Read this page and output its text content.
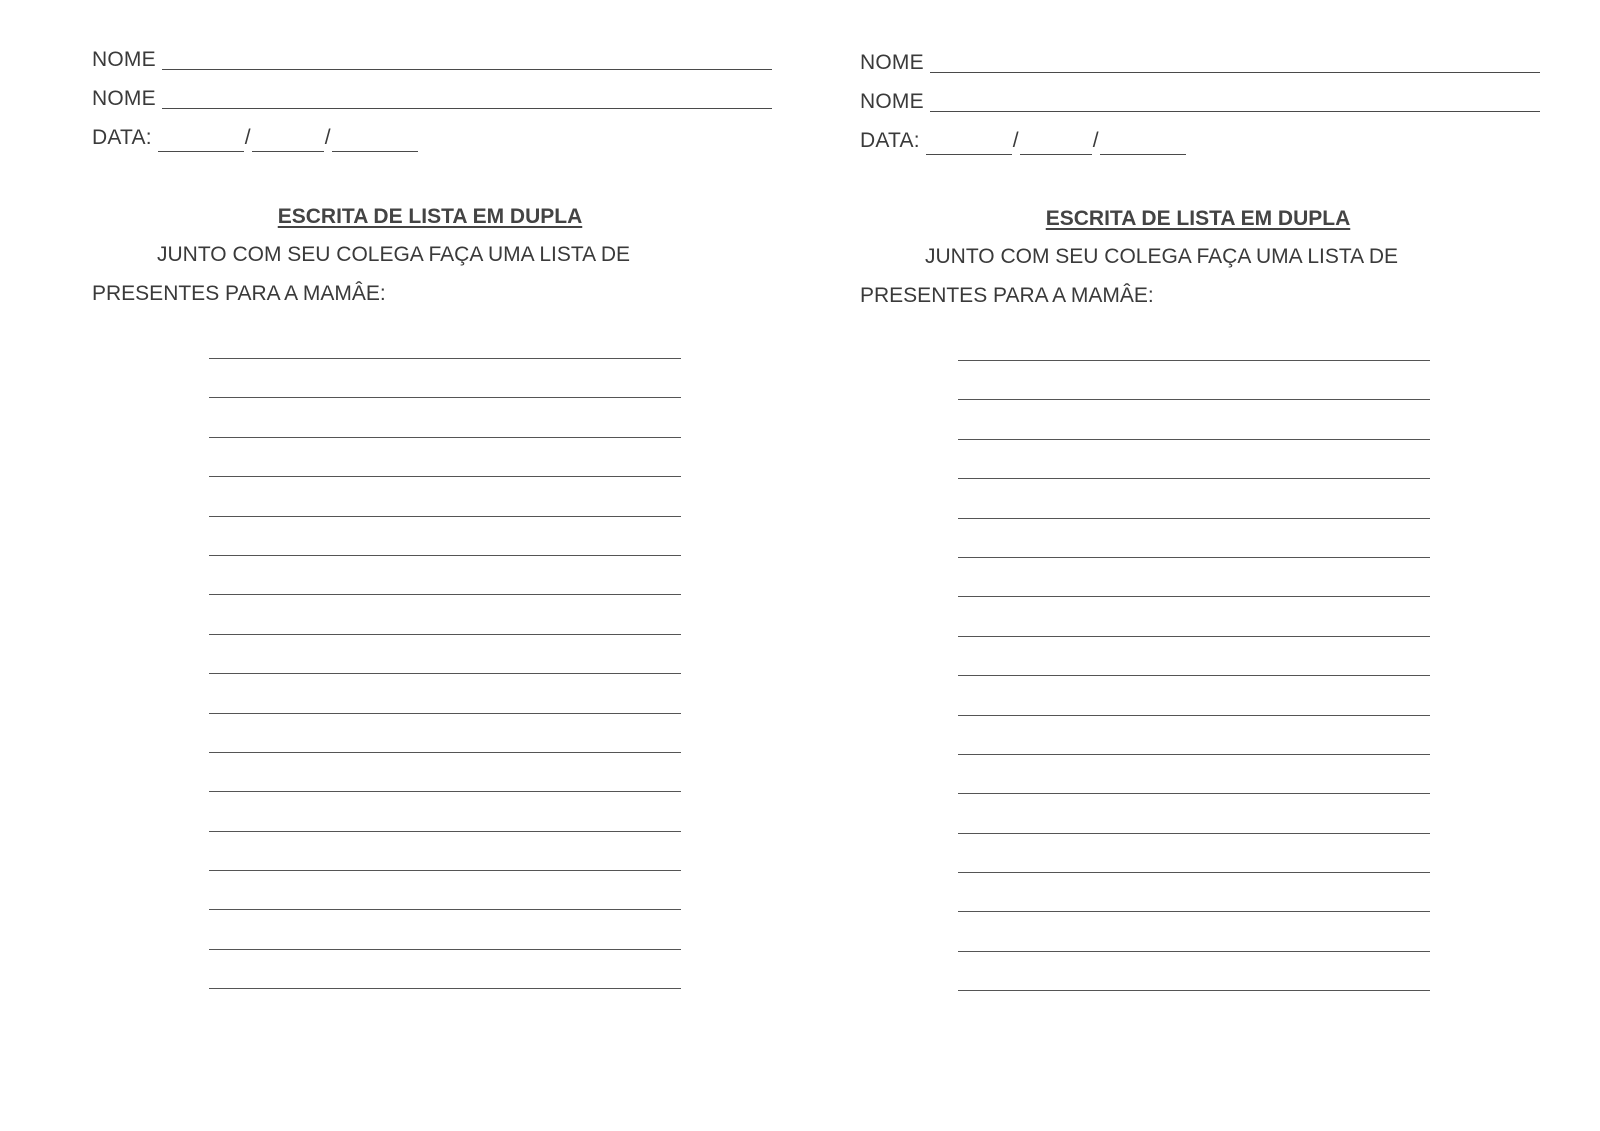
NOME
NOME
DATA:	/	/
ESCRITA DE LISTA EM DUPLA
JUNTO COM SEU COLEGA FAÇA UMA LISTA DE
PRESENTES PARA A MAMÂE:
NOME
NOME
DATA:	/	/
ESCRITA DE LISTA EM DUPLA
JUNTO COM SEU COLEGA FAÇA UMA LISTA DE
PRESENTES PARA A MAMÂE:
